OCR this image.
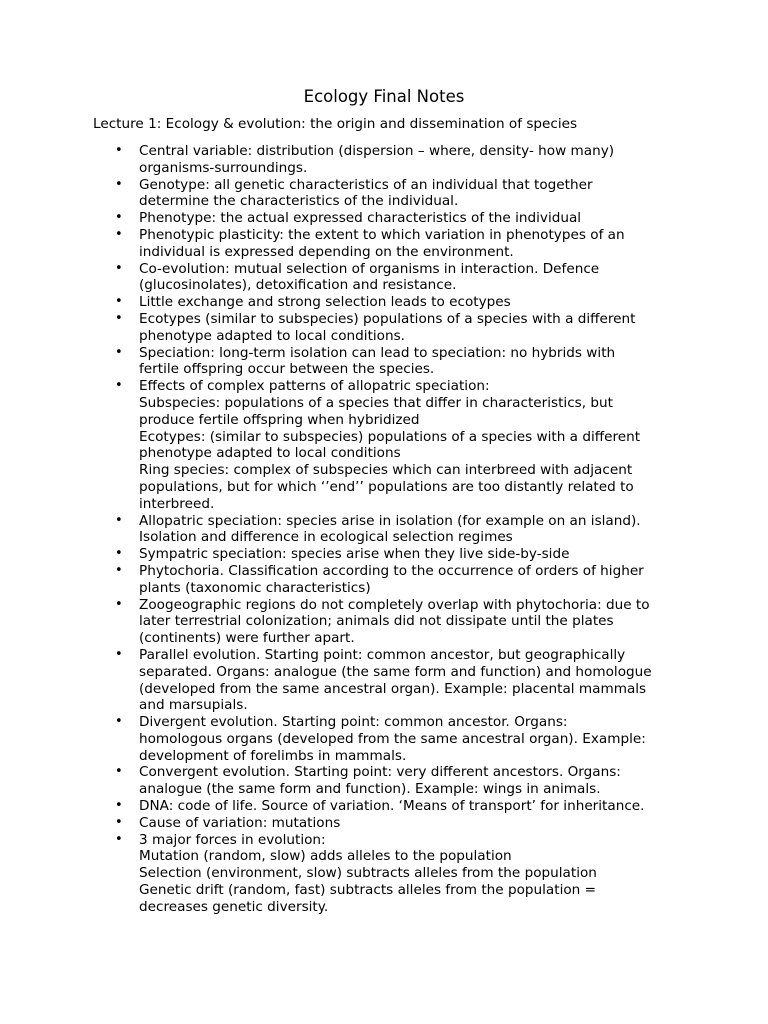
Ecology Final Notes

Lecture 1: Ecology & evolution: the origin and dissemination of species

• Central variable: distribution (dispersion – where, density- how many)
organisms-surroundings.
• Genotype: all genetic characteristics of an individual that together
determine the characteristics of the individual.
• Phenotype: the actual expressed characteristics of the individual
• Phenotypic plasticity: the extent to which variation in phenotypes of an
individual is expressed depending on the environment.
• Co-evolution: mutual selection of organisms in interaction. Defence
(glucosinolates), detoxification and resistance.
• Little exchange and strong selection leads to ecotypes
• Ecotypes (similar to subspecies) populations of a species with a different
phenotype adapted to local conditions.
• Speciation: long-term isolation can lead to speciation: no hybrids with
fertile offspring occur between the species.
• Effects of complex patterns of allopatric speciation:
Subspecies: populations of a species that differ in characteristics, but
produce fertile offspring when hybridized
Ecotypes: (similar to subspecies) populations of a species with a different
phenotype adapted to local conditions
Ring species: complex of subspecies which can interbreed with adjacent
populations, but for which ‘’end’’ populations are too distantly related to
interbreed.
• Allopatric speciation: species arise in isolation (for example on an island).
Isolation and difference in ecological selection regimes
• Sympatric speciation: species arise when they live side-by-side
• Phytochoria. Classification according to the occurrence of orders of higher
plants (taxonomic characteristics)
• Zoogeographic regions do not completely overlap with phytochoria: due to
later terrestrial colonization; animals did not dissipate until the plates
(continents) were further apart.
• Parallel evolution. Starting point: common ancestor, but geographically
separated. Organs: analogue (the same form and function) and homologue
(developed from the same ancestral organ). Example: placental mammals
and marsupials.
• Divergent evolution. Starting point: common ancestor. Organs:
homologous organs (developed from the same ancestral organ). Example:
development of forelimbs in mammals.
• Convergent evolution. Starting point: very different ancestors. Organs:
analogue (the same form and function). Example: wings in animals.
• DNA: code of life. Source of variation. ‘Means of transport’ for inheritance.
• Cause of variation: mutations
• 3 major forces in evolution:
Mutation (random, slow) adds alleles to the population
Selection (environment, slow) subtracts alleles from the population
Genetic drift (random, fast) subtracts alleles from the population =
decreases genetic diversity.
